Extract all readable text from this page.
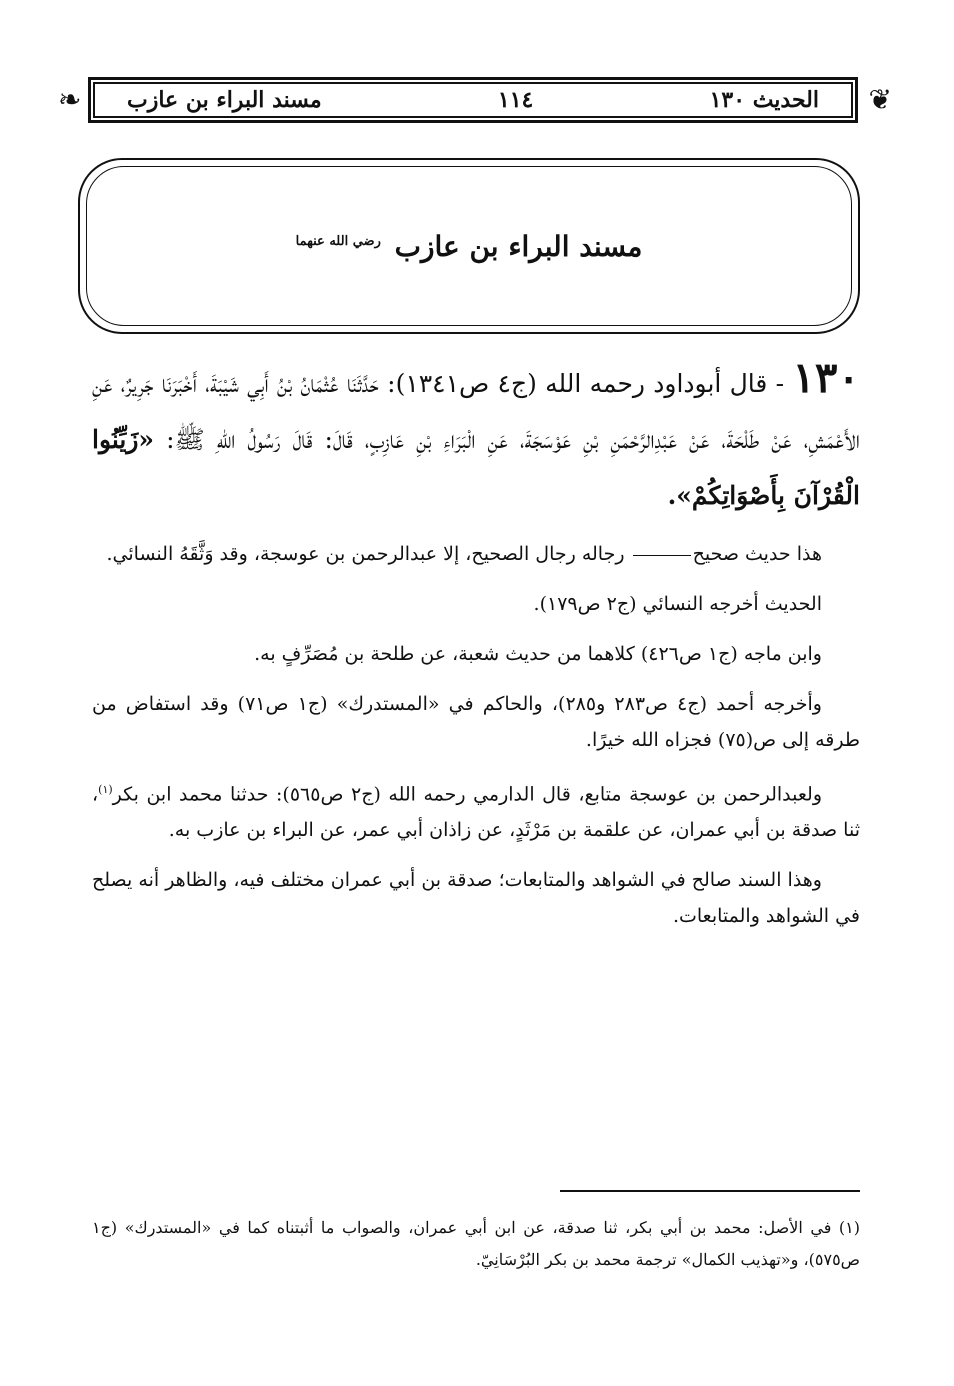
❦
❧	الحديث ١٣٠
١١٤
مسند البراء بن عازب
مسند البراء بن عازب $^{رضي الله عنهما}$
١٣٠ - قال أبوداود رحمه الله (ج٤ ص١٣٤١): حَدَّثَنَا عُثْمَانُ بْنُ أَبِي شَيْبَةَ، أَخْبَرَنَا جَرِيرٌ، عَنِ الأَعْمَشِ، عَنْ طَلْحَةَ، عَنْ عَبْدِالرَّحْمَنِ بْنِ عَوْسَجَةَ، عَنِ الْبَرَاءِ بْنِ عَازِبٍ، قَالَ: قَالَ رَسُولُ اللهِ ﷺ: «زَيِّنُوا الْقُرْآنَ بِأَصْوَاتِكُمْ».

هذا حديث صحيح رجاله رجال الصحيح، إلا عبدالرحمن بن عوسجة، وقد وَثَّقَهُ النسائي.

الحديث أخرجه النسائي (ج٢ ص١٧٩).

وابن ماجه (ج١ ص٤٢٦) كلاهما من حديث شعبة، عن طلحة بن مُصَرِّفٍ به.

وأخرجه أحمد (ج٤ ص٢٨٣ و٢٨٥)، والحاكم في «المستدرك» (ج١ ص٧١) وقد استفاض من طرقه إلى ص(٧٥) فجزاه الله خيرًا.

ولعبدالرحمن بن عوسجة متابع، قال الدارمي رحمه الله (ج٢ ص٥٦٥): حدثنا محمد ابن بكر$^{(١)}$، ثنا صدقة بن أبي عمران، عن علقمة بن مَرْثَدٍ، عن زاذان أبي عمر، عن البراء بن عازب به.

وهذا السند صالح في الشواهد والمتابعات؛ صدقة بن أبي عمران مختلف فيه، والظاهر أنه يصلح في الشواهد والمتابعات.

(١) في الأصل: محمد بن أبي بكر، ثنا صدقة، عن ابن أبي عمران، والصواب ما أثبتناه كما في «المستدرك» (ج١ ص٥٧٥)، و«تهذيب الكمال» ترجمة محمد بن بكر البُرْسَانِيّ.
